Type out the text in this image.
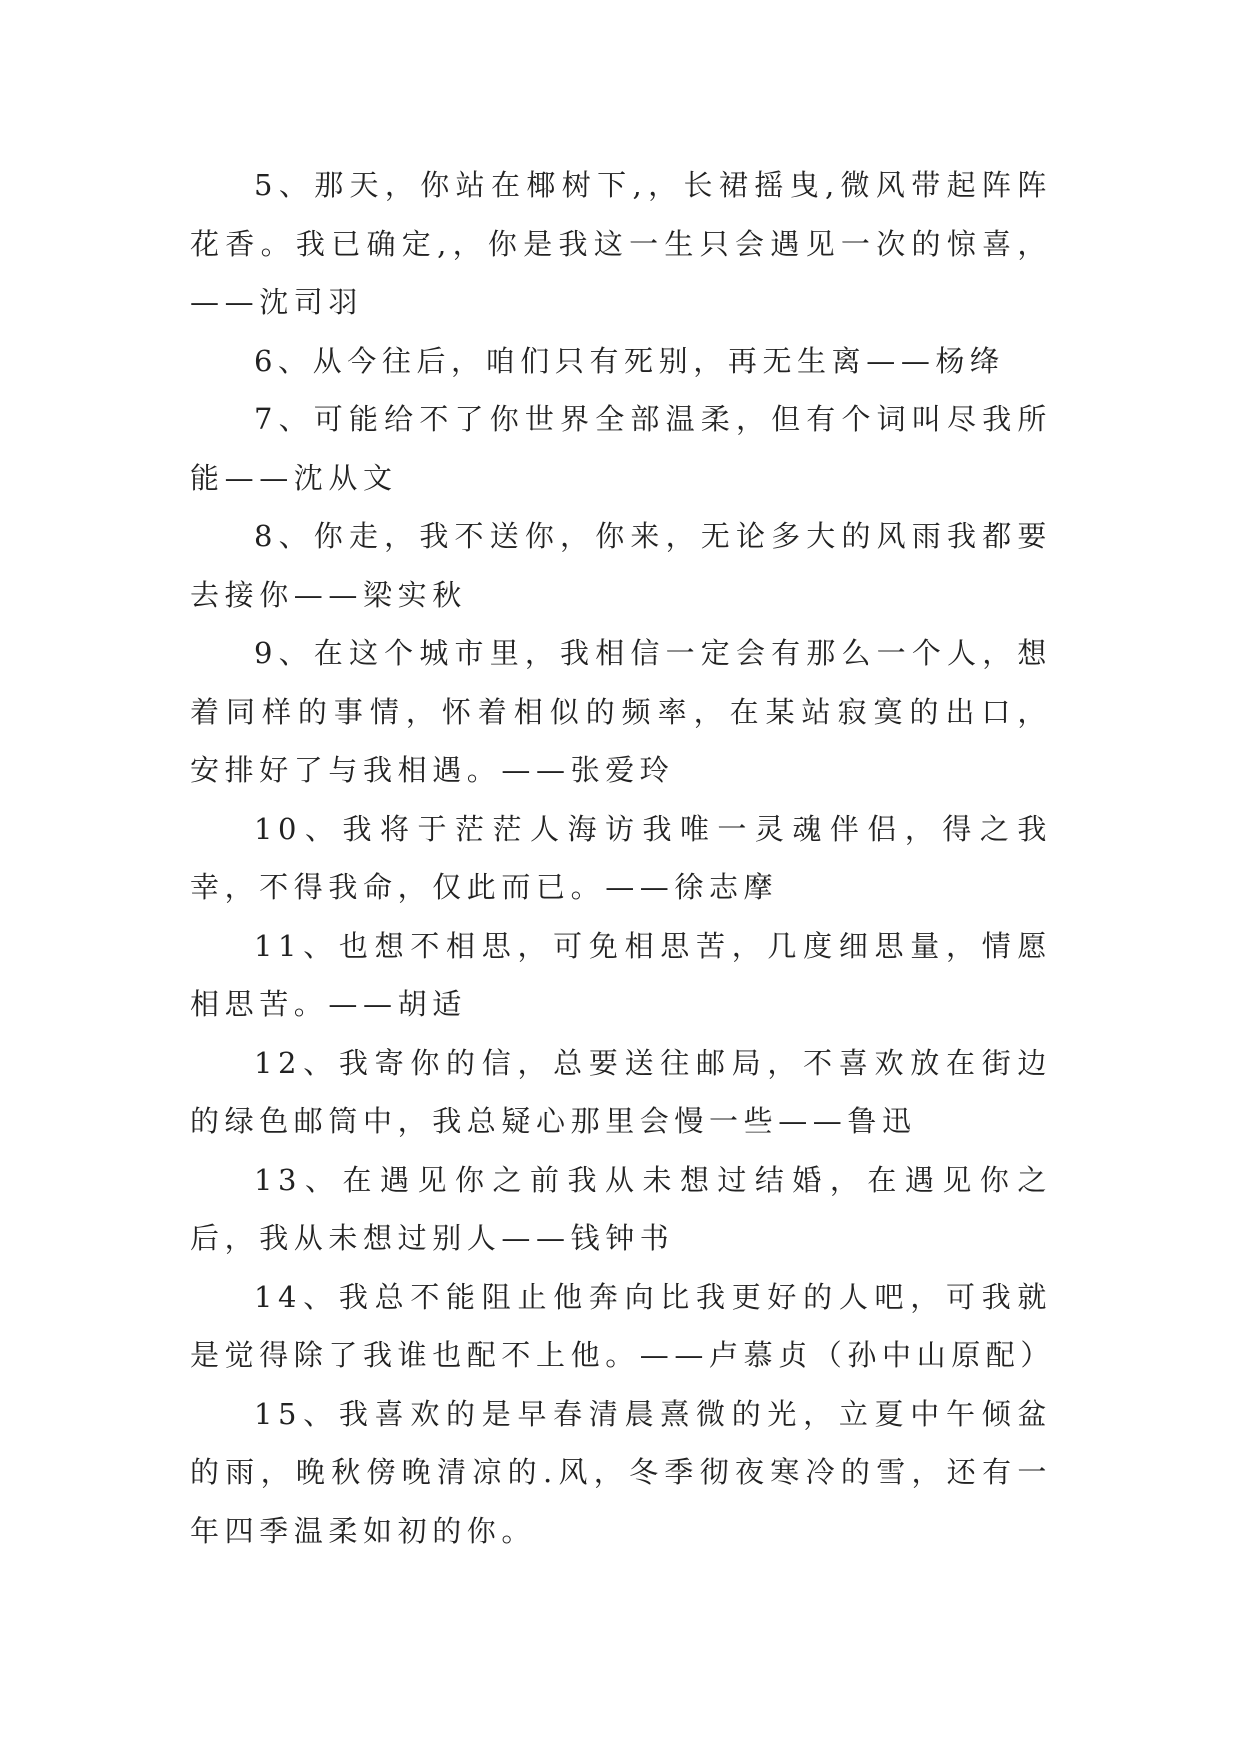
5、那天，你站在椰树下,，长裙摇曳,微风带起阵阵花香。我已确定,，你是我这一生只会遇见一次的惊喜，——沈司羽

6、从今往后，咱们只有死别，再无生离——杨绛

7、可能给不了你世界全部温柔，但有个词叫尽我所能——沈从文

8、你走，我不送你，你来，无论多大的风雨我都要去接你——梁实秋

9、在这个城市里，我相信一定会有那么一个人，想着同样的事情，怀着相似的频率，在某站寂寞的出口，安排好了与我相遇。——张爱玲

10、我将于茫茫人海访我唯一灵魂伴侣，得之我幸，不得我命，仅此而已。——徐志摩

11、也想不相思，可免相思苦，几度细思量，情愿相思苦。——胡适

12、我寄你的信，总要送往邮局，不喜欢放在街边的绿色邮筒中，我总疑心那里会慢一些——鲁迅

13、在遇见你之前我从未想过结婚，在遇见你之后，我从未想过别人——钱钟书

14、我总不能阻止他奔向比我更好的人吧，可我就是觉得除了我谁也配不上他。——卢慕贞（孙中山原配）

15、我喜欢的是早春清晨熹微的光，立夏中午倾盆的雨，晚秋傍晚清凉的.风，冬季彻夜寒冷的雪，还有一年四季温柔如初的你。
